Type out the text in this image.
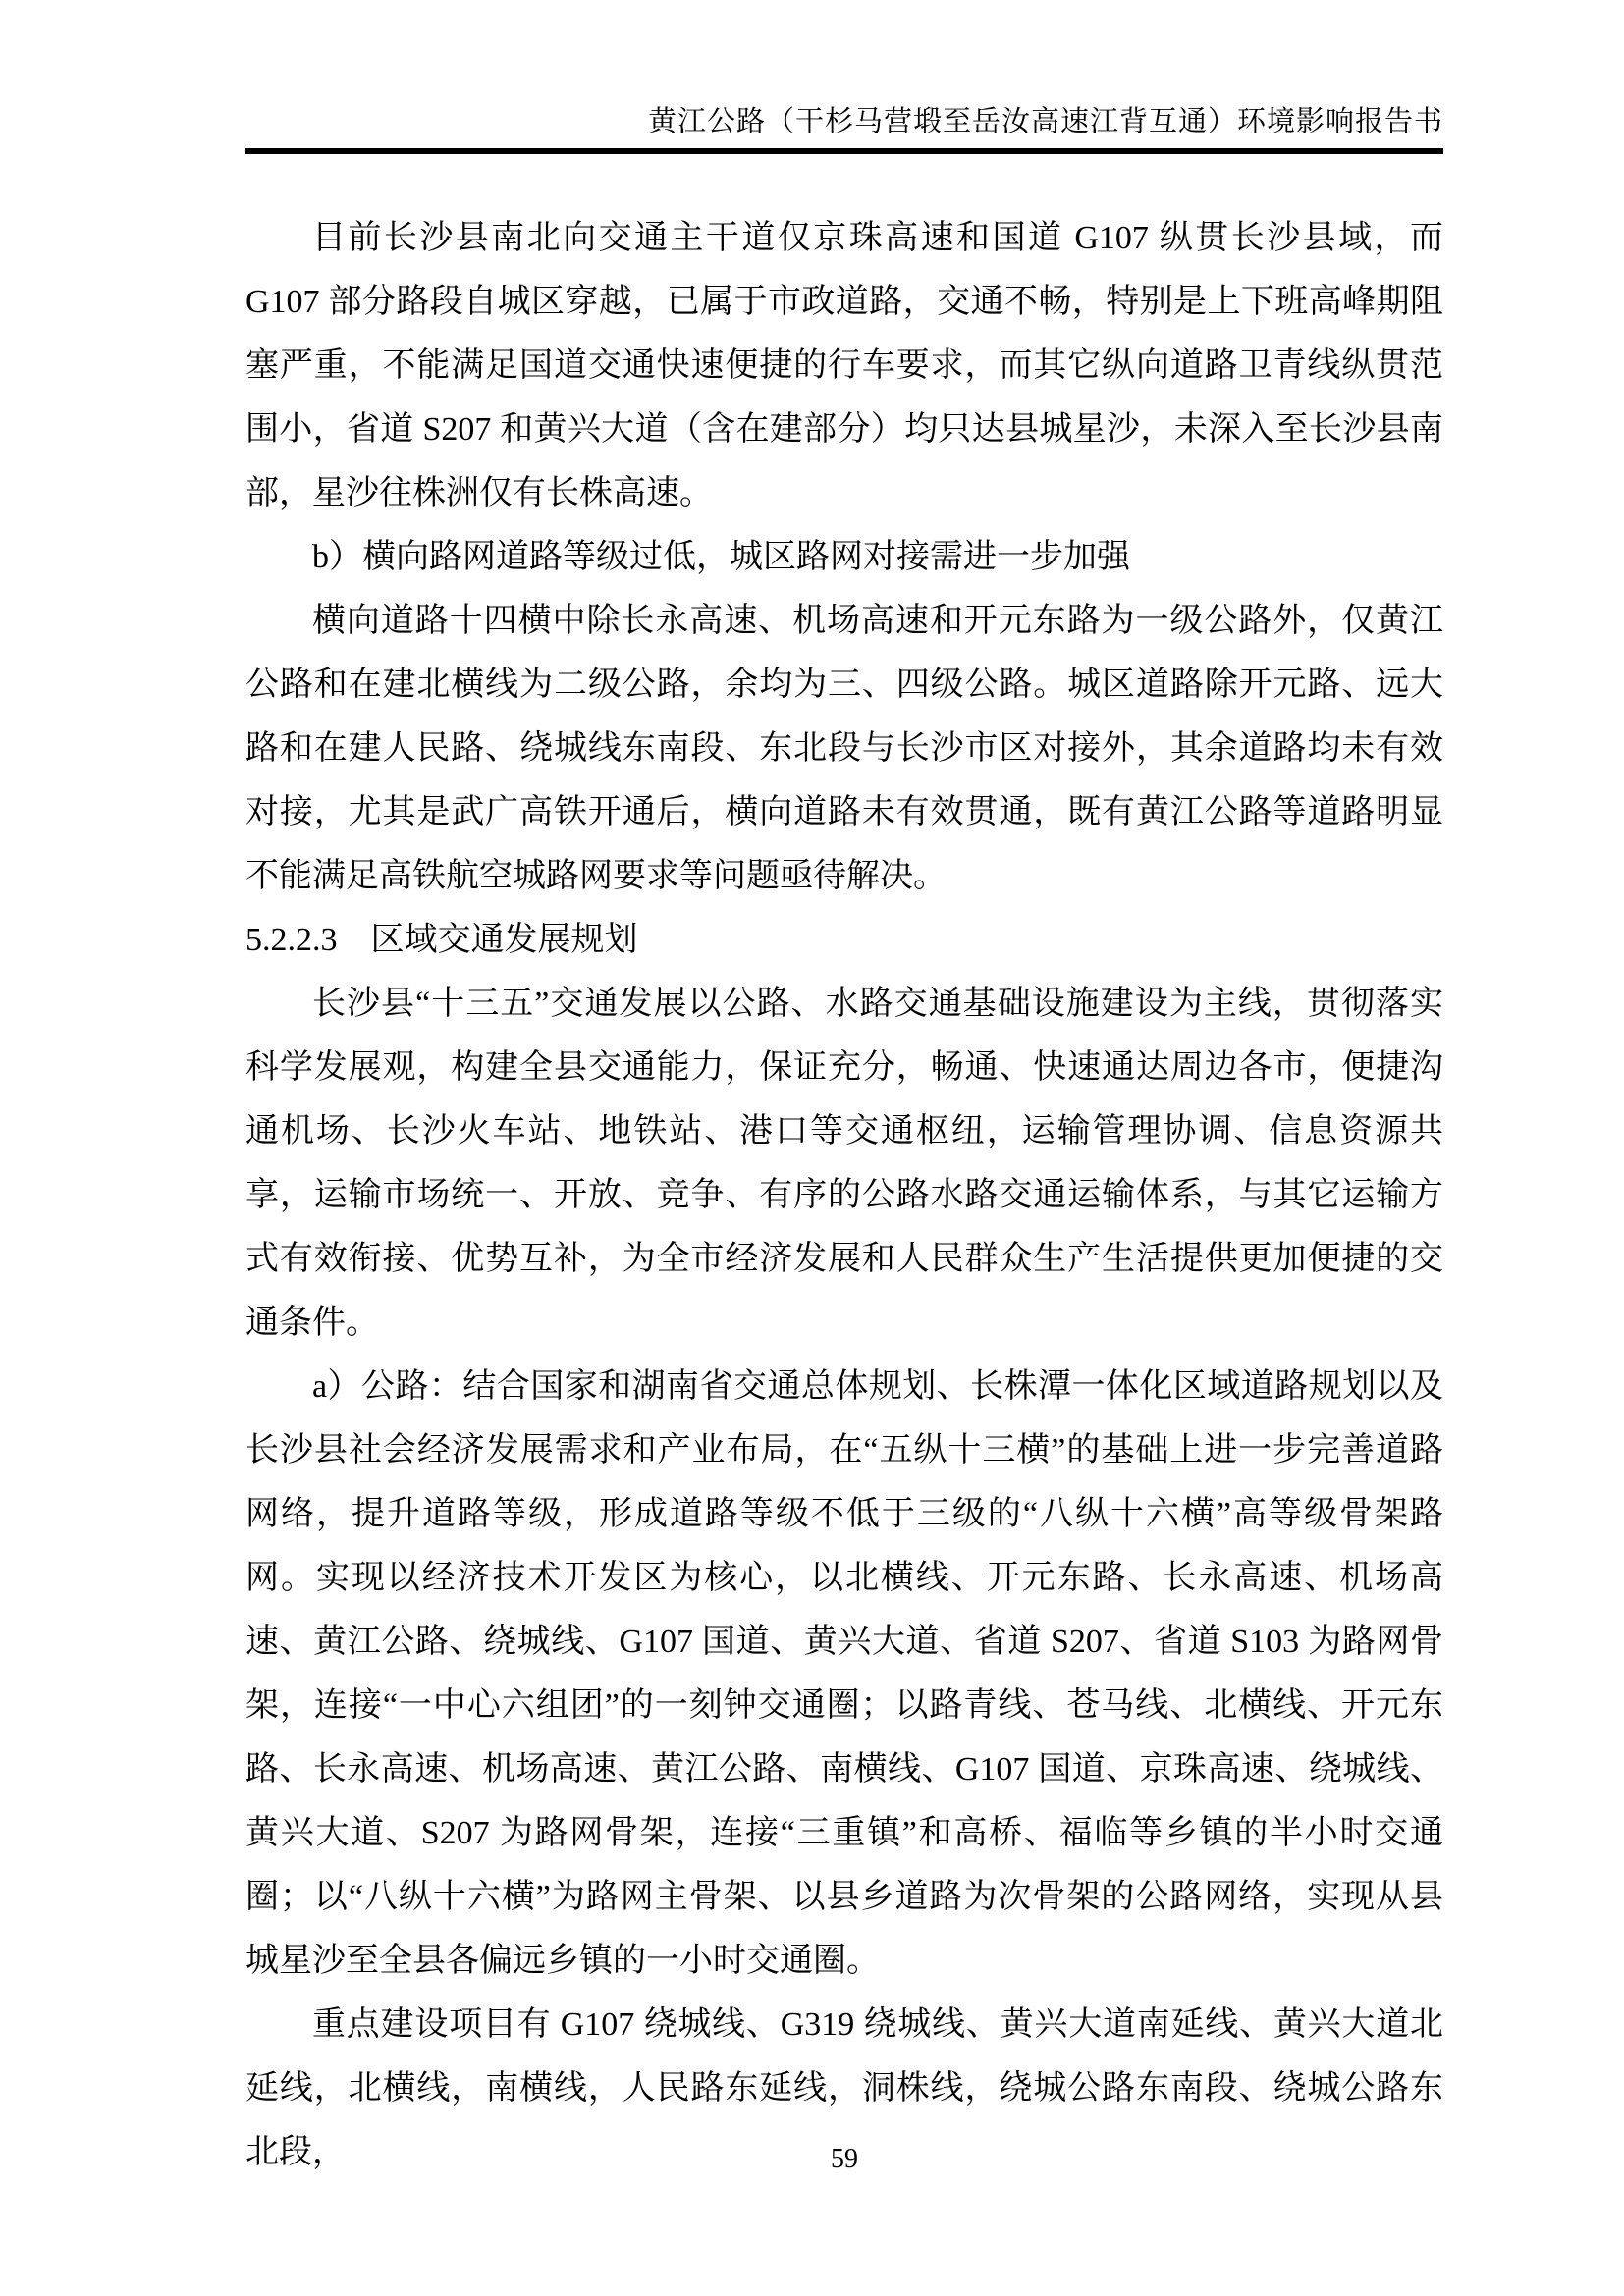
黄江公路（干杉马营塅至岳汝高速江背互通）环境影响报告书

目前长沙县南北向交通主干道仅京珠高速和国道 G107 纵贯长沙县域，而 G107 部分路段自城区穿越，已属于市政道路，交通不畅，特别是上下班高峰期阻塞严重，不能满足国道交通快速便捷的行车要求，而其它纵向道路卫青线纵贯范围小，省道 S207 和黄兴大道（含在建部分）均只达县城星沙，未深入至长沙县南部，星沙往株洲仅有长株高速。

b）横向路网道路等级过低，城区路网对接需进一步加强

横向道路十四横中除长永高速、机场高速和开元东路为一级公路外，仅黄江公路和在建北横线为二级公路，余均为三、四级公路。城区道路除开元路、远大路和在建人民路、绕城线东南段、东北段与长沙市区对接外，其余道路均未有效对接，尤其是武广高铁开通后，横向道路未有效贯通，既有黄江公路等道路明显不能满足高铁航空城路网要求等问题亟待解决。

5.2.2.3　区域交通发展规划

长沙县“十三五”交通发展以公路、水路交通基础设施建设为主线，贯彻落实科学发展观，构建全县交通能力，保证充分，畅通、快速通达周边各市，便捷沟通机场、长沙火车站、地铁站、港口等交通枢纽，运输管理协调、信息资源共享，运输市场统一、开放、竞争、有序的公路水路交通运输体系，与其它运输方式有效衔接、优势互补，为全市经济发展和人民群众生产生活提供更加便捷的交通条件。

a）公路：结合国家和湖南省交通总体规划、长株潭一体化区域道路规划以及长沙县社会经济发展需求和产业布局，在“五纵十三横”的基础上进一步完善道路网络，提升道路等级，形成道路等级不低于三级的“八纵十六横”高等级骨架路网。实现以经济技术开发区为核心，以北横线、开元东路、长永高速、机场高速、黄江公路、绕城线、G107 国道、黄兴大道、省道 S207、省道 S103 为路网骨架，连接“一中心六组团”的一刻钟交通圈；以路青线、苍马线、北横线、开元东路、长永高速、机场高速、黄江公路、南横线、G107 国道、京珠高速、绕城线、黄兴大道、S207 为路网骨架，连接“三重镇”和高桥、福临等乡镇的半小时交通圈；以“八纵十六横”为路网主骨架、以县乡道路为次骨架的公路网络，实现从县城星沙至全县各偏远乡镇的一小时交通圈。

重点建设项目有 G107 绕城线、G319 绕城线、黄兴大道南延线、黄兴大道北延线，北横线，南横线，人民路东延线，洞株线，绕城公路东南段、绕城公路东北段，	59
